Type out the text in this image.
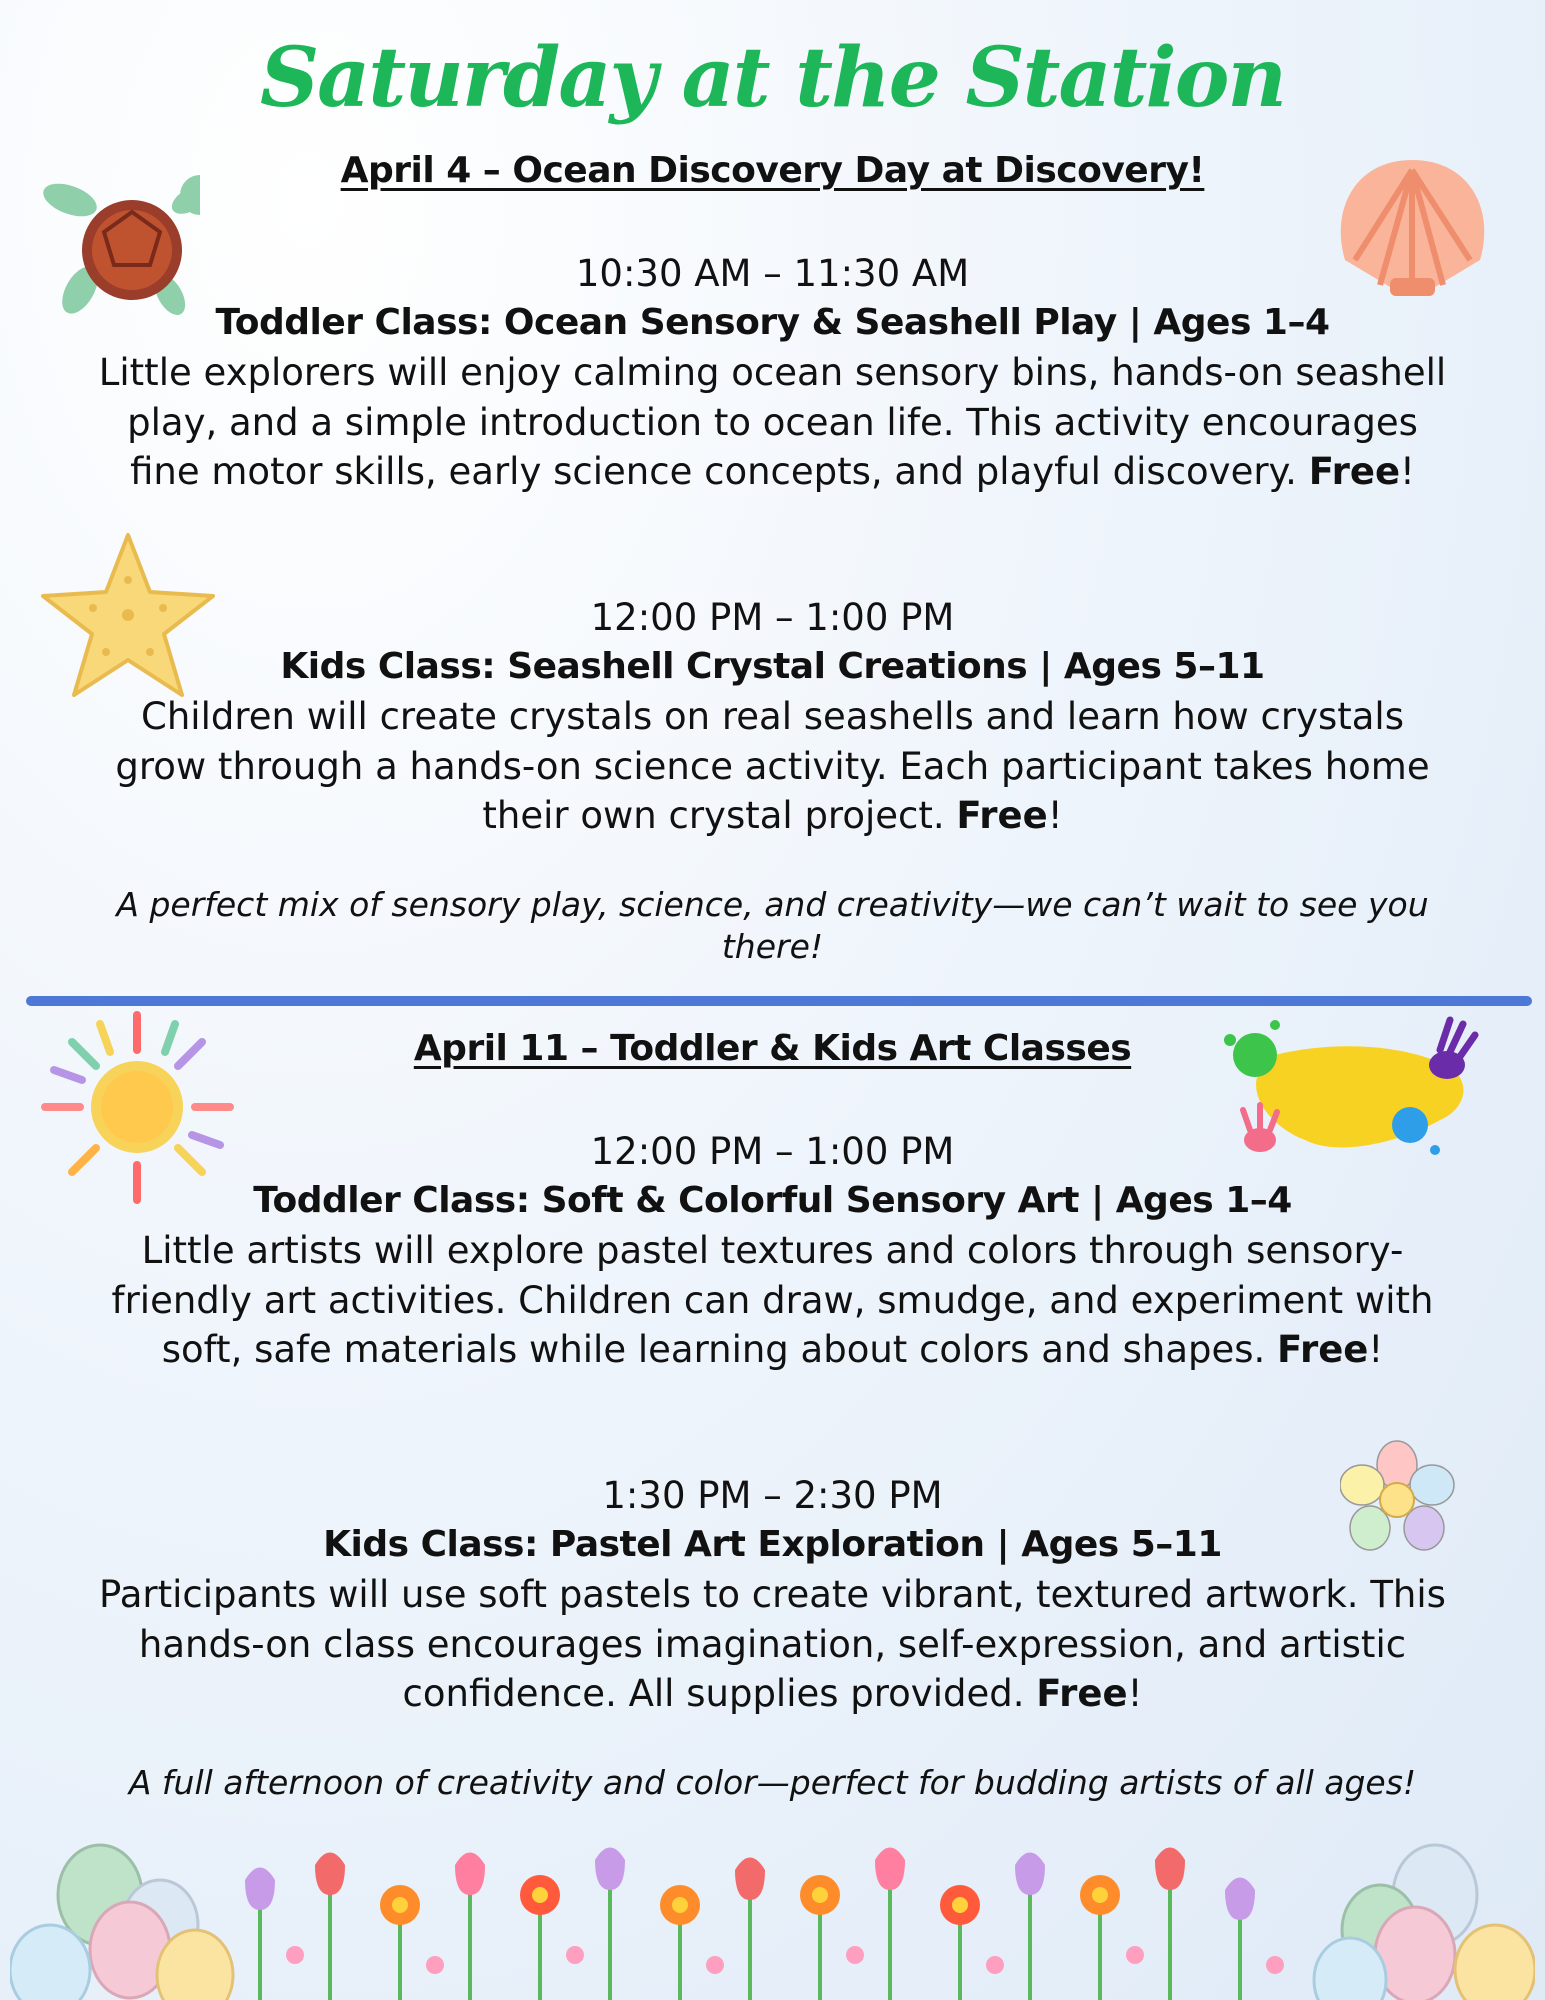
Saturday at the Station
April 4 – Ocean Discovery Day at Discovery!
10:30 AM – 11:30 AM
Toddler Class: Ocean Sensory & Seashell Play | Ages 1–4
Little explorers will enjoy calming ocean sensory bins, hands-on seashell play, and a simple introduction to ocean life. This activity encourages fine motor skills, early science concepts, and playful discovery. Free!
12:00 PM – 1:00 PM
Kids Class: Seashell Crystal Creations | Ages 5–11
Children will create crystals on real seashells and learn how crystals grow through a hands-on science activity. Each participant takes home their own crystal project. Free!
A perfect mix of sensory play, science, and creativity—we can’t wait to see you there!
April 11 – Toddler & Kids Art Classes
12:00 PM – 1:00 PM
Toddler Class: Soft & Colorful Sensory Art | Ages 1–4
Little artists will explore pastel textures and colors through sensory-friendly art activities. Children can draw, smudge, and experiment with soft, safe materials while learning about colors and shapes. Free!
1:30 PM – 2:30 PM
Kids Class: Pastel Art Exploration | Ages 5–11
Participants will use soft pastels to create vibrant, textured artwork. This hands-on class encourages imagination, self-expression, and artistic confidence. All supplies provided. Free!
A full afternoon of creativity and color—perfect for budding artists of all ages!
